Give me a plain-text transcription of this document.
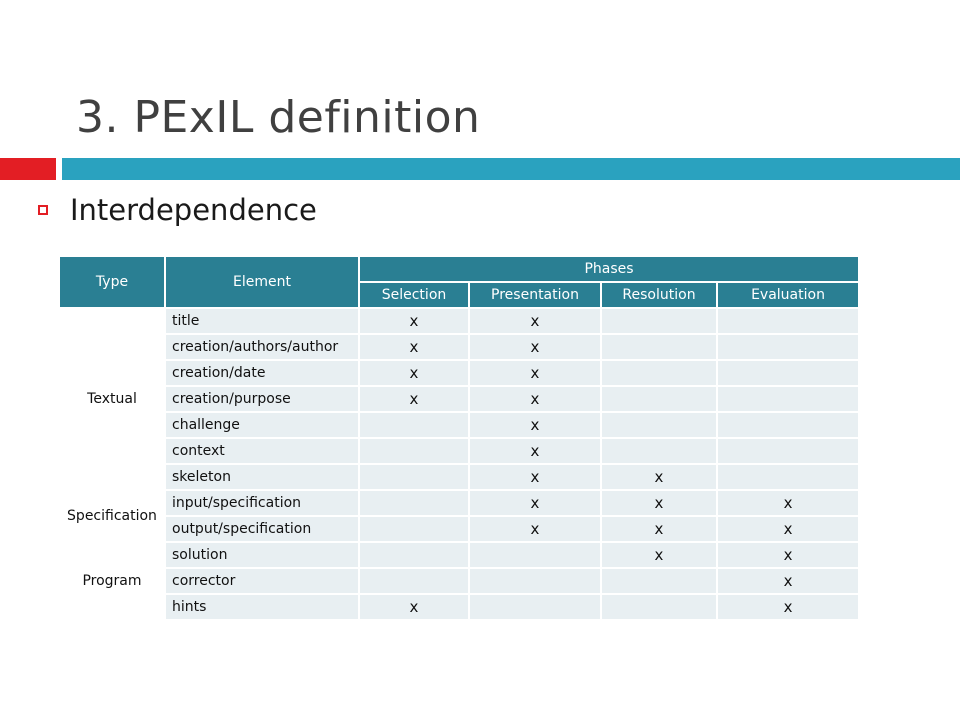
3. PExIL definition
Interdependence
Type	Element	Phases			
		Selection	Presentation	Resolution	Evaluation
Textual	title	x	x		
	creation/authors/author	x	x		
	creation/date	x	x		
	creation/purpose	x	x		
	challenge		x		
	context		x		
	skeleton		x	x	
Specification	input/specification		x	x	x
	output/specification		x	x	x
Program	solution			x	x
	corrector				x
	hints	x			x
